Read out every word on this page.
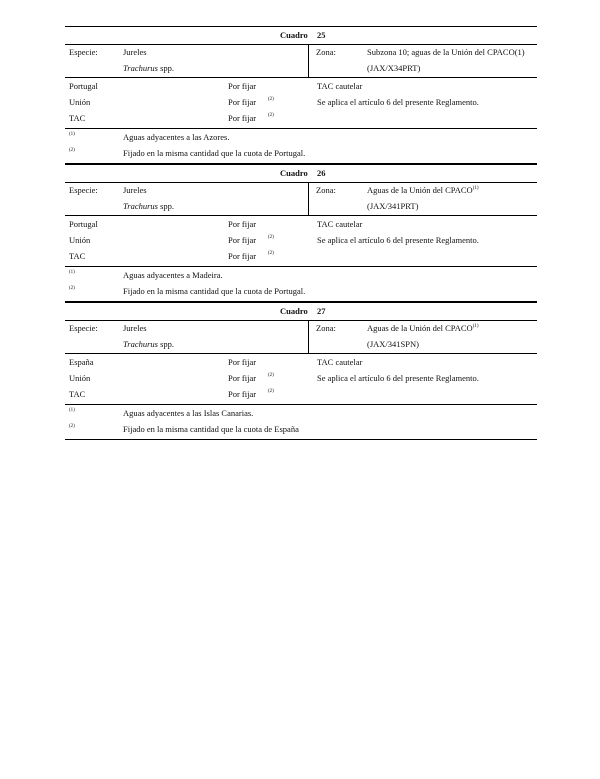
Cuadro 25
Especie:	Jureles
Trachurus spp.
Zona:	Subzona 10; aguas de la Unión del CPACO(1)
(JAX/X34PRT)
Portugal	Por fijar	TAC cautelar
Unión	Por fijar (2)	Se aplica el artículo 6 del presente Reglamento.
TAC	Por fijar (2)
(1)	Aguas adyacentes a las Azores.
(2)	Fijado en la misma cantidad que la cuota de Portugal.
Cuadro 26
Especie:	Jureles
Trachurus spp.
Zona:	Aguas de la Unión del CPACO$^{(1)}$
(JAX/341PRT)
Portugal	Por fijar	TAC cautelar
Unión	Por fijar (2)	Se aplica el artículo 6 del presente Reglamento.
TAC	Por fijar (2)
(1)	Aguas adyacentes a Madeira.
(2)	Fijado en la misma cantidad que la cuota de Portugal.
Cuadro 27
Especie:	Jureles
Trachurus spp.
Zona:	Aguas de la Unión del CPACO$^{(1)}$
(JAX/341SPN)
España	Por fijar	TAC cautelar
Unión	Por fijar (2)	Se aplica el artículo 6 del presente Reglamento.
TAC	Por fijar (2)
(1)	Aguas adyacentes a las Islas Canarias.
(2)	Fijado en la misma cantidad que la cuota de España
